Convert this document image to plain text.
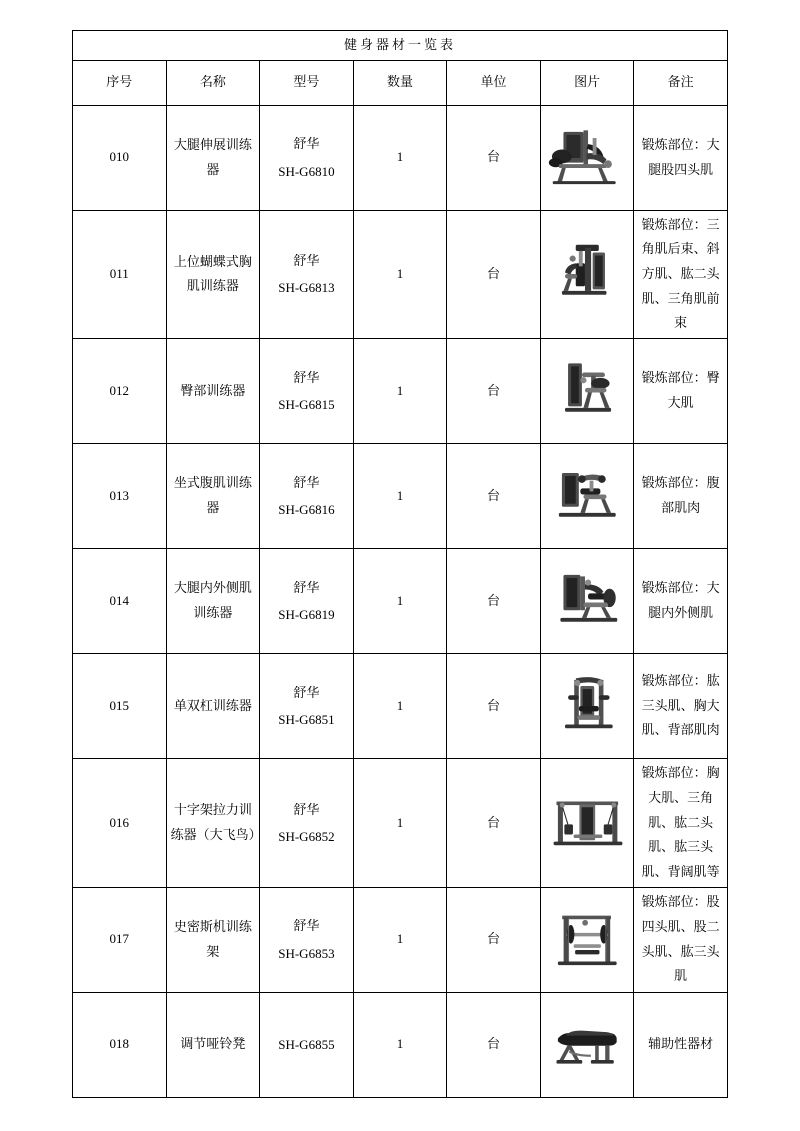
健身器材一览表						
序号	名称	型号	数量	单位	图片	备注
010	大腿伸展训练器	舒华
SH-G6810	1	台		锻炼部位：大腿股四头肌
011	上位蝴蝶式胸肌训练器	舒华
SH-G6813	1	台		锻炼部位：三角肌后束、斜方肌、肱二头肌、三角肌前束
012	臀部训练器	舒华
SH-G6815	1	台		锻炼部位：臀大肌
013	坐式腹肌训练器	舒华
SH-G6816	1	台		锻炼部位：腹部肌肉
014	大腿内外侧肌训练器	舒华
SH-G6819	1	台		锻炼部位：大腿内外侧肌
015	单双杠训练器	舒华
SH-G6851	1	台		锻炼部位：肱三头肌、胸大肌、背部肌肉
016	十字架拉力训练器（大飞鸟）	舒华
SH-G6852	1	台		锻炼部位：胸大肌、三角肌、肱二头肌、肱三头肌、背阔肌等
017	史密斯机训练架	舒华
SH-G6853	1	台		锻炼部位：股四头肌、股二头肌、肱三头肌
018	调节哑铃凳	SH-G6855	1	台		辅助性器材
